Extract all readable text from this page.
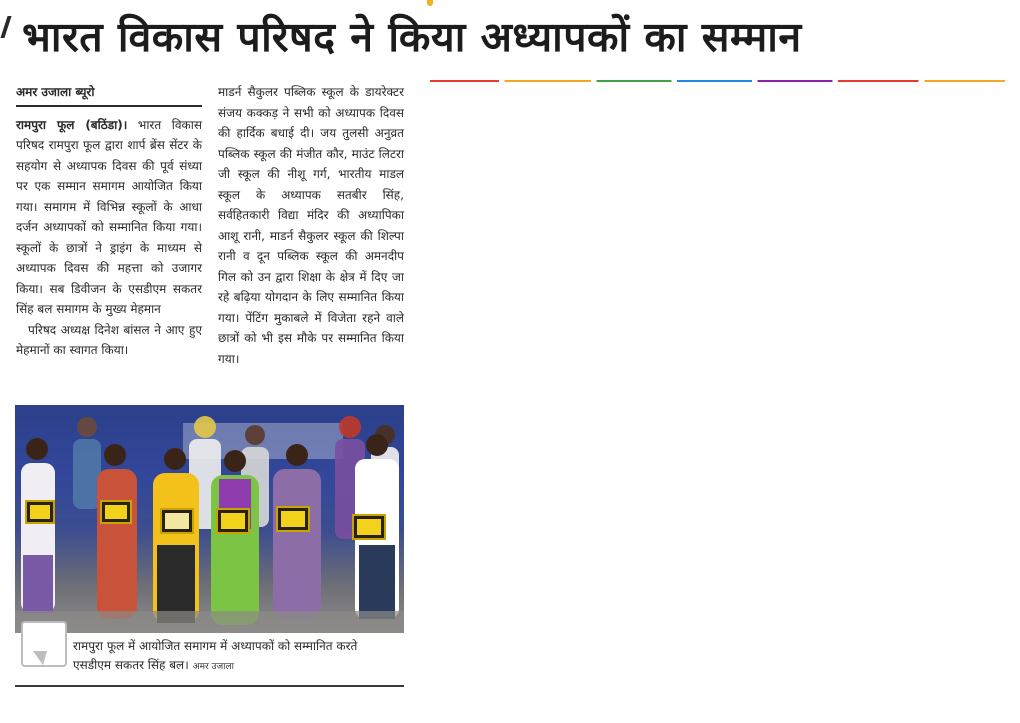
भारत विकास परिषद ने किया अध्यापकों का सम्मान
अमर उजाला ब्यूरो

रामपुरा फूल (बठिंडा)। भारत विकास परिषद रामपुरा फूल द्वारा शार्प ब्रेंस सेंटर के सहयोग से अध्यापक दिवस की पूर्व संध्या पर एक सम्मान समागम आयोजित किया गया। समागम में विभिन्न स्कूलों के आधा दर्जन अध्यापकों को सम्मानित किया गया। स्कूलों के छात्रों ने ड्राइंग के माध्यम से अध्यापक दिवस की महत्ता को उजागर किया। सब डिवीजन के एसडीएम सकतर सिंह बल समागम के मुख्य मेहमान

परिषद अध्यक्ष दिनेश बांसल ने आए हुए मेहमानों का स्वागत किया।

माडर्न सैकुलर पब्लिक स्कूल के डायरेक्टर संजय कक्कड़ ने सभी को अध्यापक दिवस की हार्दिक बधाई दी। जय तुलसी अनुव्रत पब्लिक स्कूल की मंजीत कौर, माउंट लिटरा जी स्कूल की नीशू गर्ग, भारतीय माडल स्कूल के अध्यापक सतबीर सिंह, सर्वहितकारी विद्या मंदिर की अध्यापिका आशू रानी, माडर्न सैकुलर स्कूल की शिल्पा रानी व दून पब्लिक स्कूल की अमनदीप गिल को उन द्वारा शिक्षा के क्षेत्र में दिए जा रहे बढ़िया योगदान के लिए सम्मानित किया गया। पेंटिंग मुकाबले में विजेता रहने वाले छात्रों को भी इस मौके पर सम्मानित किया गया।

रामपुरा फूल में आयोजित समागम में अध्यापकों को सम्मानित करते एसडीएम सकतर सिंह बल। अमर उजाला
